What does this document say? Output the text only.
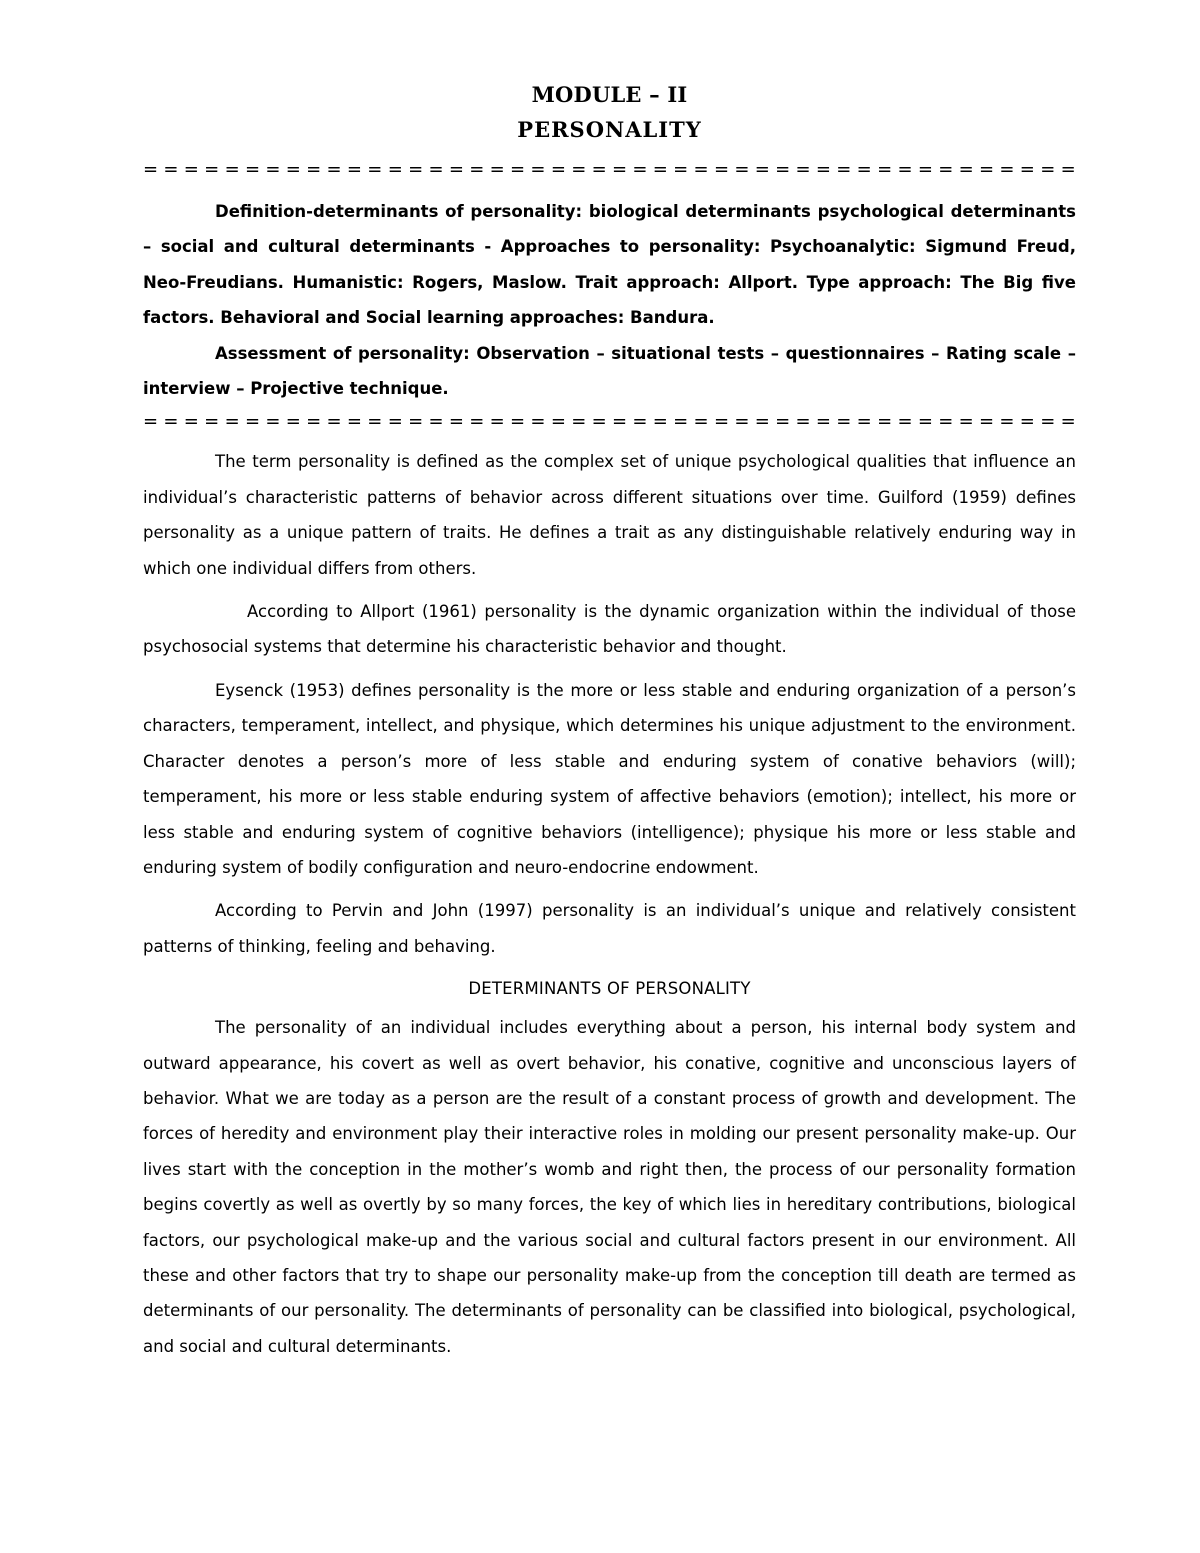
MODULE – II
PERSONALITY
= = = = = = = = = = = = = = = = = = = = = = = = = = = = = = = = = = = = = = = = = = = = = =

Definition-determinants of personality: biological determinants psychological determinants – social and cultural determinants - Approaches to personality: Psychoanalytic: Sigmund Freud, Neo-Freudians. Humanistic: Rogers, Maslow. Trait approach: Allport. Type approach: The Big five factors. Behavioral and Social learning approaches: Bandura.

Assessment of personality: Observation – situational tests – questionnaires – Rating scale – interview – Projective technique.

= = = = = = = = = = = = = = = = = = = = = = = = = = = = = = = = = = = = = = = = = = = = = =

The term personality is defined as the complex set of unique psychological qualities that influence an individual’s characteristic patterns of behavior across different situations over time. Guilford (1959) defines personality as a unique pattern of traits. He defines a trait as any distinguishable relatively enduring way in which one individual differs from others.

According to Allport (1961) personality is the dynamic organization within the individual of those psychosocial systems that determine his characteristic behavior and thought.

Eysenck (1953) defines personality is the more or less stable and enduring organization of a person’s characters, temperament, intellect, and physique, which determines his unique adjustment to the environment. Character denotes a person’s more of less stable and enduring system of conative behaviors (will); temperament, his more or less stable enduring system of affective behaviors (emotion); intellect, his more or less stable and enduring system of cognitive behaviors (intelligence); physique his more or less stable and enduring system of bodily configuration and neuro-endocrine endowment.

According to Pervin and John (1997) personality is an individual’s unique and relatively consistent patterns of thinking, feeling and behaving.

DETERMINANTS OF PERSONALITY

The personality of an individual includes everything about a person, his internal body system and outward appearance, his covert as well as overt behavior, his conative, cognitive and unconscious layers of behavior. What we are today as a person are the result of a constant process of growth and development. The forces of heredity and environment play their interactive roles in molding our present personality make-up. Our lives start with the conception in the mother’s womb and right then, the process of our personality formation begins covertly as well as overtly by so many forces, the key of which lies in hereditary contributions, biological factors, our psychological make-up and the various social and cultural factors present in our environment. All these and other factors that try to shape our personality make-up from the conception till death are termed as determinants of our personality. The determinants of personality can be classified into biological, psychological, and social and cultural determinants.
